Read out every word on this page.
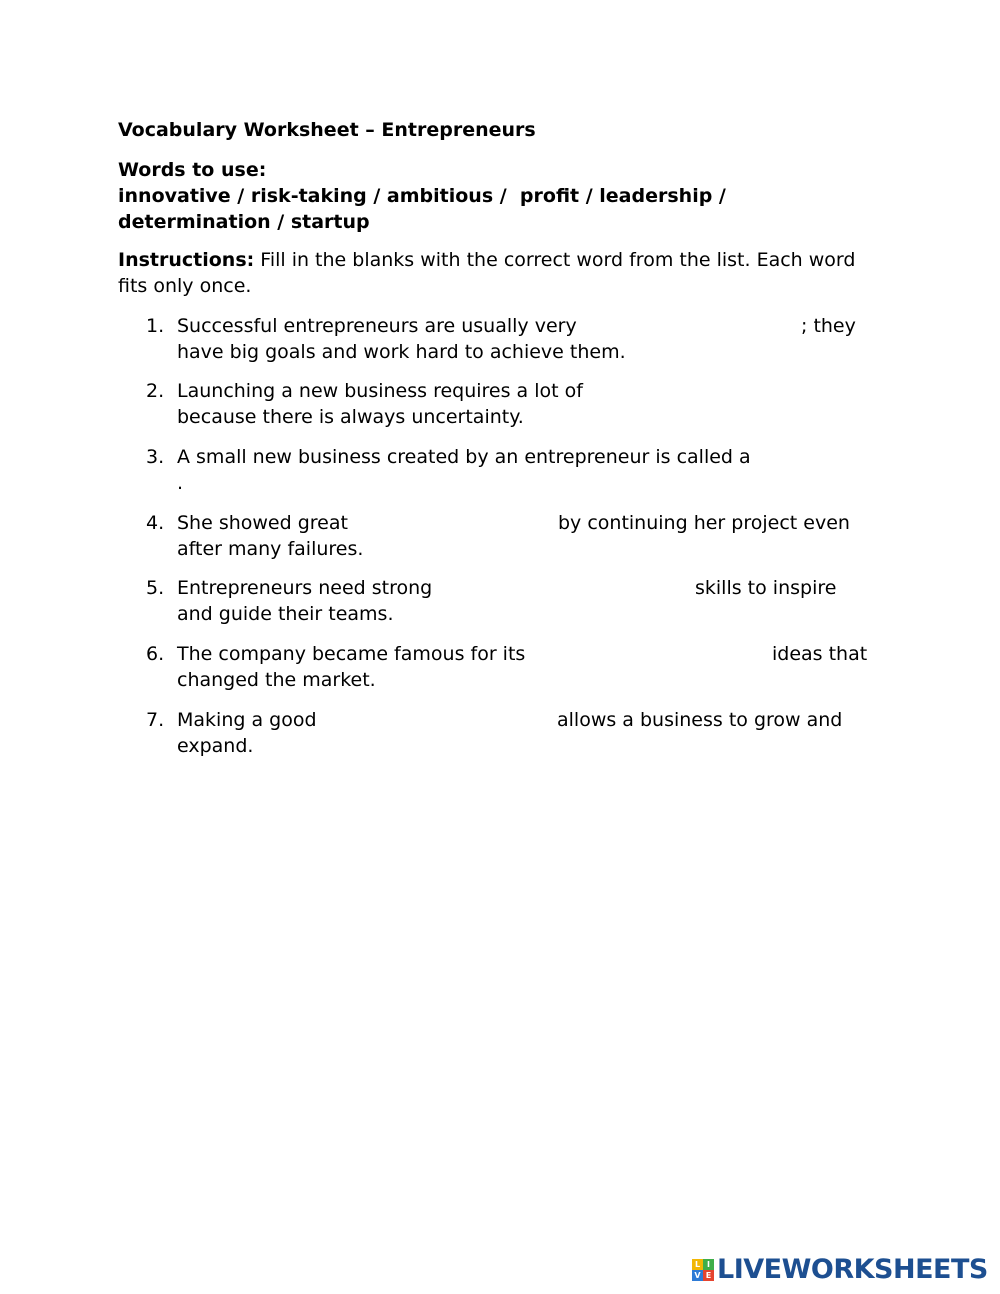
Vocabulary Worksheet – Entrepreneurs
Words to use:
innovative / risk-taking / ambitious /  profit / leadership /
determination / startup
Instructions: Fill in the blanks with the correct word from the list. Each word
fits only once.
1. Successful entrepreneurs are usually very	; they
have big goals and work hard to achieve them.
2. Launching a new business requires a lot of
because there is always uncertainty.
3. A small new business created by an entrepreneur is called a
.
4. She showed great	by continuing her project even
after many failures.
5. Entrepreneurs need strong	skills to inspire
and guide their teams.
6. The company became famous for its	ideas that
changed the market.
7. Making a good	allows a business to grow and
expand.
L I
V E LIVEWORKSHEETS
